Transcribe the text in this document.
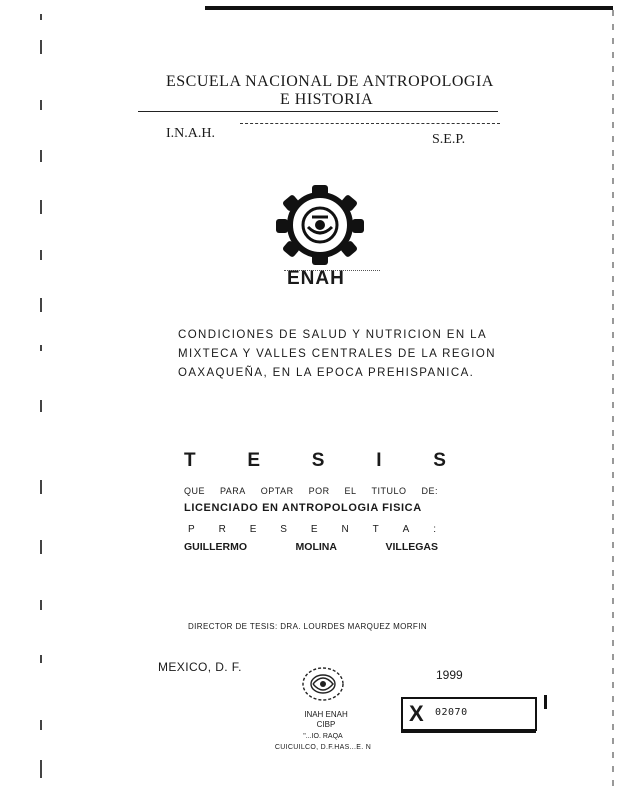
ESCUELA NACIONAL DE ANTROPOLOGIA
E HISTORIA
I.N.A.H.	S.E.P.
ENAH
CONDICIONES DE SALUD Y NUTRICION EN LA
MIXTECA Y VALLES CENTRALES DE LA REGION
OAXAQUEÑA, EN LA EPOCA PREHISPANICA.
T	E	S	I	S
QUE PARA OPTAR POR EL TITULO DE:
LICENCIADO EN ANTROPOLOGIA FISICA
P R E S E N T A :
GUILLERMO	MOLINA	VILLEGAS
DIRECTOR DE TESIS: DRA. LOURDES MARQUEZ MORFIN
MEXICO, D. F.
1999
INAH ENAH
CIBP
"...IO. RAQA
CUICUILCO, D.F.HAS...E. N
X 02070
